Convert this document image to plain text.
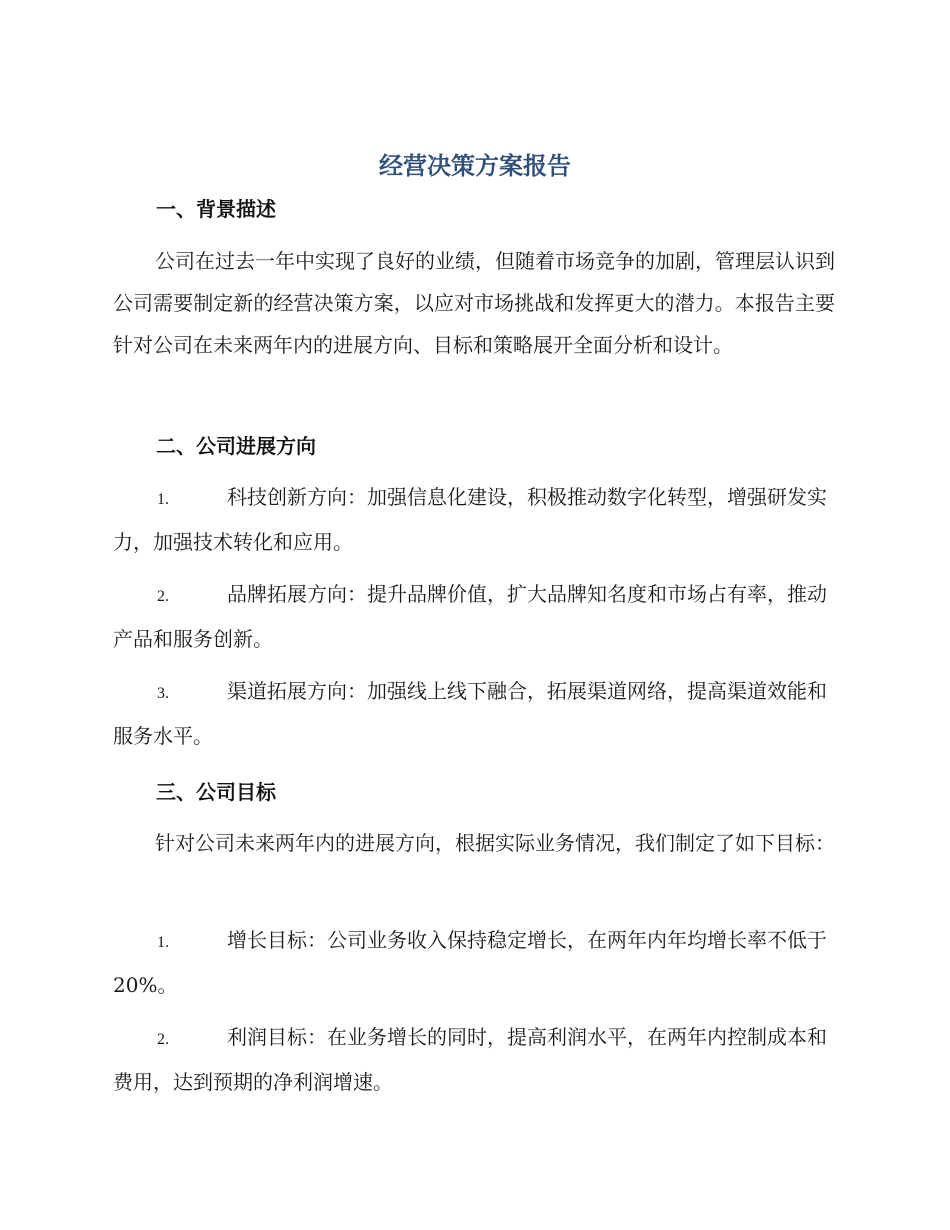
经营决策方案报告
一、背景描述
公司在过去一年中实现了良好的业绩，但随着市场竞争的加剧，管理层认识到公司需要制定新的经营决策方案，以应对市场挑战和发挥更大的潜力。本报告主要针对公司在未来两年内的进展方向、目标和策略展开全面分析和设计。
二、公司进展方向
1.	科技创新方向：加强信息化建设，积极推动数字化转型，增强研发实力，加强技术转化和应用。
2.	品牌拓展方向：提升品牌价值，扩大品牌知名度和市场占有率，推动产品和服务创新。
3.	渠道拓展方向：加强线上线下融合，拓展渠道网络，提高渠道效能和服务水平。
三、公司目标
针对公司未来两年内的进展方向，根据实际业务情况，我们制定了如下目标：
1.	增长目标：公司业务收入保持稳定增长，在两年内年均增长率不低于 20%。
2.	利润目标：在业务增长的同时，提高利润水平，在两年内控制成本和费用，达到预期的净利润增速。
